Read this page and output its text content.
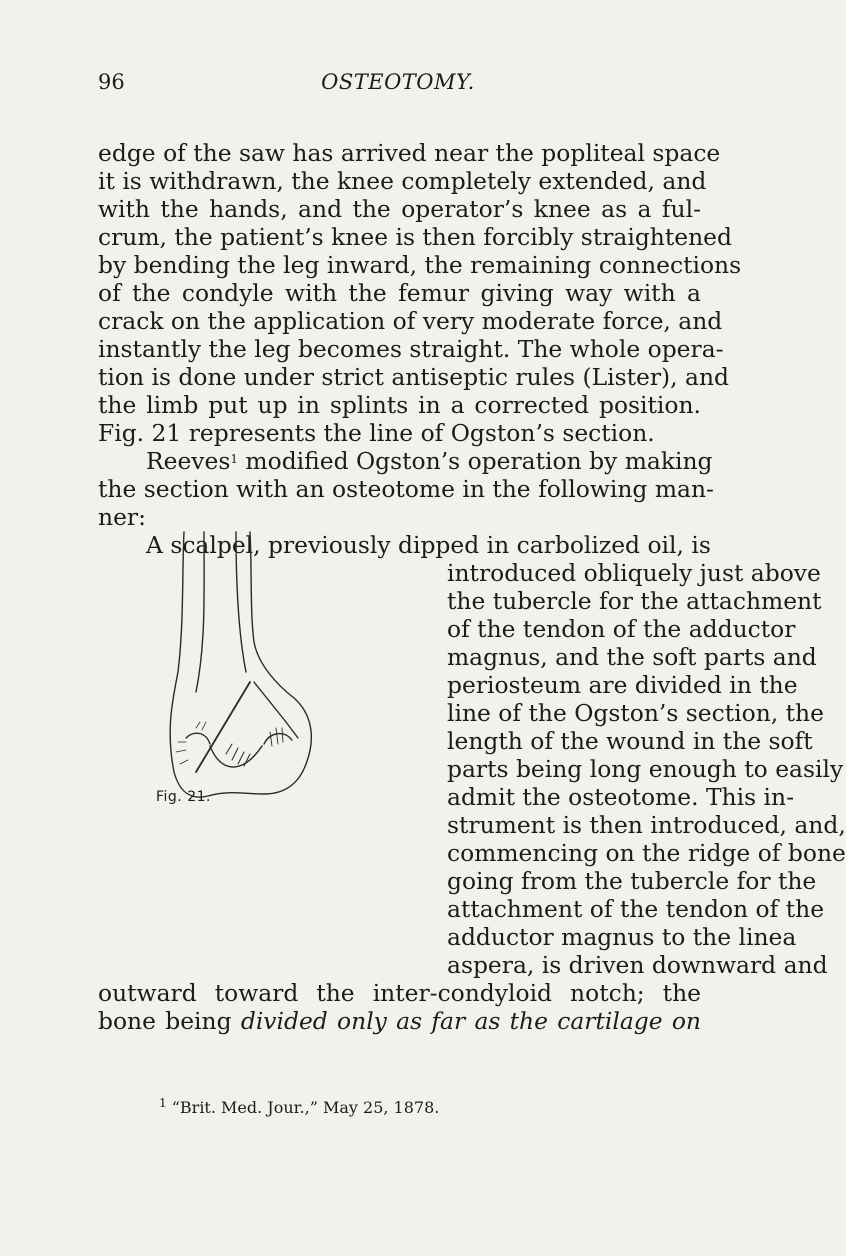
96	OSTEOTOMY.
edge of the saw has arrived near the popliteal space
it is withdrawn, the knee completely extended, and
with the hands, and the operator’s knee as a ful-
crum, the patient’s knee is then forcibly straightened
by bending the leg inward, the remaining connections
of the condyle with the femur giving way with a
crack on the application of very moderate force, and
instantly the leg becomes straight. The whole opera-
tion is done under strict antiseptic rules (Lister), and
the limb put up in splints in a corrected position.
Fig. 21 represents the line of Ogston’s section.
Reeves$^1$ modified Ogston’s operation by making
the section with an osteotome in the following man-
ner:
A scalpel, previously dipped in carbolized oil, is
introduced obliquely just above
the tubercle for the attachment
of the tendon of the adductor
magnus, and the soft parts and
periosteum are divided in the
line of the Ogston’s section, the
length of the wound in the soft
parts being long enough to easily
admit the osteotome. This in-
strument is then introduced, and,
commencing on the ridge of bone
going from the tubercle for the
attachment of the tendon of the
adductor magnus to the linea
aspera, is driven downward and
outward toward the inter-condyloid notch; the
bone being divided only as far as the cartilage on
Fig. 21.
$^1$ “Brit. Med. Jour.,” May 25, 1878.
